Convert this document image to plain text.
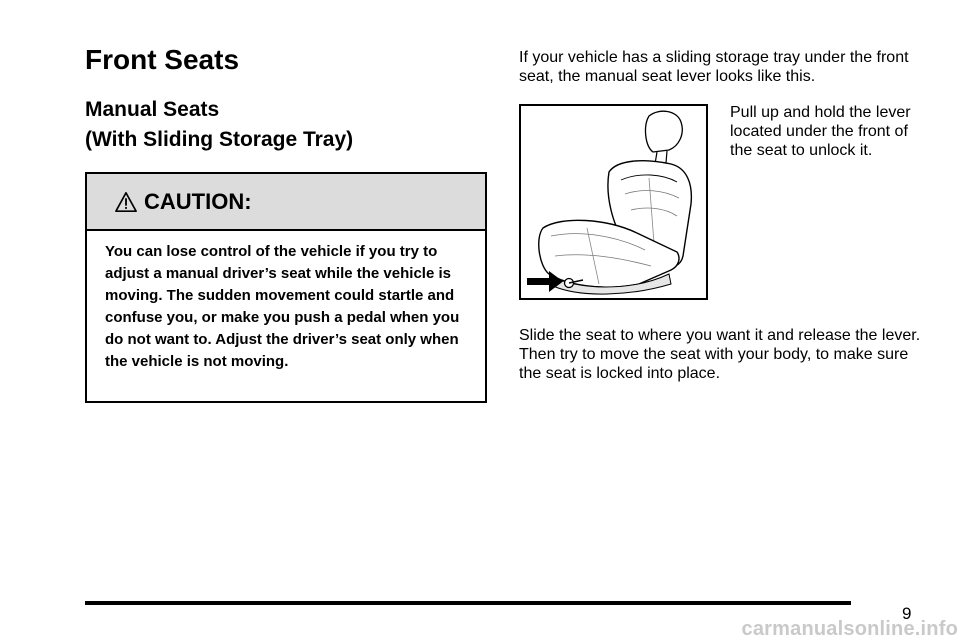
Front Seats
Manual Seats
(With Sliding Storage Tray)
CAUTION:
You can lose control of the vehicle if you try to adjust a manual driver’s seat while the vehicle is moving. The sudden movement could startle and confuse you, or make you push a pedal when you do not want to. Adjust the driver’s seat only when the vehicle is not moving.

If your vehicle has a sliding storage tray under the front seat, the manual seat lever looks like this.

Pull up and hold the lever located under the front of the seat to unlock it.

Slide the seat to where you want it and release the lever. Then try to move the seat with your body, to make sure the seat is locked into place.

9
carmanualsonline.info
